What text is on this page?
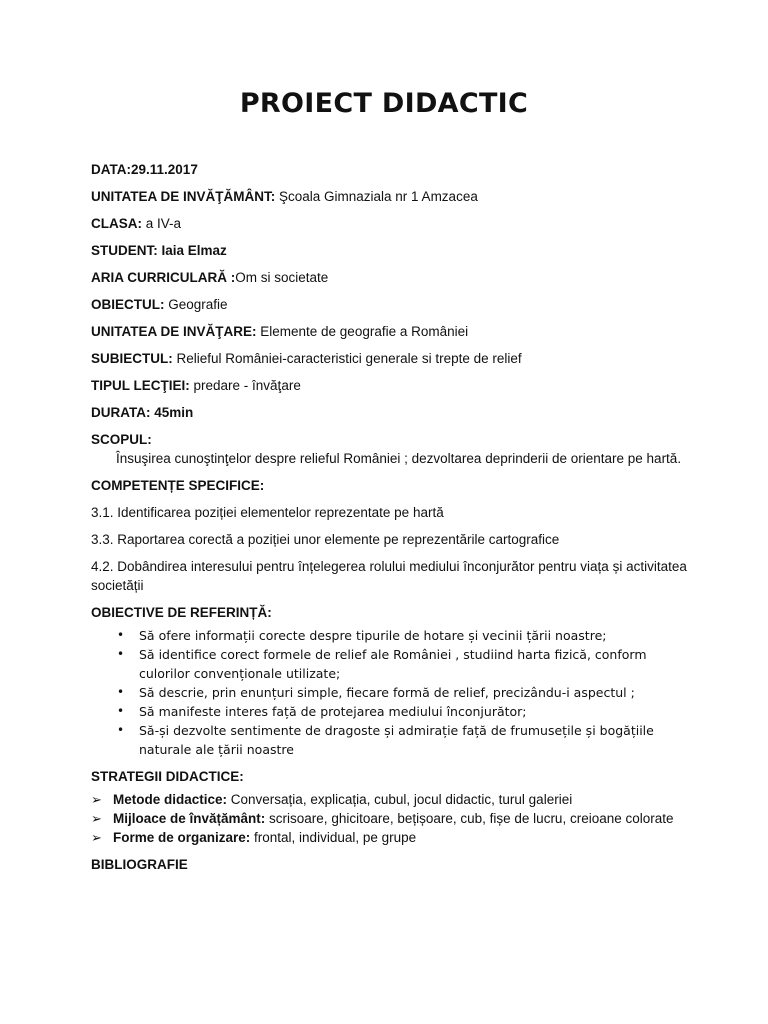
PROIECT DIDACTIC
DATA:29.11.2017
UNITATEA DE INVĂŢĂMÂNT: Şcoala Gimnaziala nr 1 Amzacea
CLASA: a IV-a
STUDENT: Iaia Elmaz
ARIA CURRICULARĂ :Om si societate
OBIECTUL: Geografie
UNITATEA DE INVĂŢARE: Elemente de geografie a României
SUBIECTUL: Relieful României-caracteristici generale si trepte de relief
TIPUL LECŢIEI: predare - învăţare
DURATA: 45min
SCOPUL:
Însuşirea cunoştinţelor despre relieful României ; dezvoltarea deprinderii de orientare pe hartă.
COMPETENȚE SPECIFICE:
3.1. Identificarea poziției elementelor reprezentate pe hartă
3.3. Raportarea corectă a poziției unor elemente pe reprezentările cartografice
4.2. Dobândirea interesului pentru înțelegerea rolului mediului înconjurător pentru viața și activitatea societății
OBIECTIVE DE REFERINȚĂ:
• Să ofere informații corecte despre tipurile de hotare și vecinii țării noastre;
• Să identifice corect formele de relief ale României , studiind harta fizică, conform culorilor convenționale utilizate;
• Să descrie, prin enunțuri simple, fiecare formă de relief, precizându-i aspectul ;
• Să manifeste interes față de protejarea mediului înconjurător;
• Să-și dezvolte sentimente de dragoste și admirație față de frumusețile și bogățiile naturale ale țării noastre
STRATEGII DIDACTICE:
➢ Metode didactice: Conversația, explicația, cubul, jocul didactic, turul galeriei
➢ Mijloace de învățământ: scrisoare, ghicitoare, bețișoare, cub, fișe de lucru, creioane colorate
➢ Forme de organizare: frontal, individual, pe grupe
BIBLIOGRAFIE
